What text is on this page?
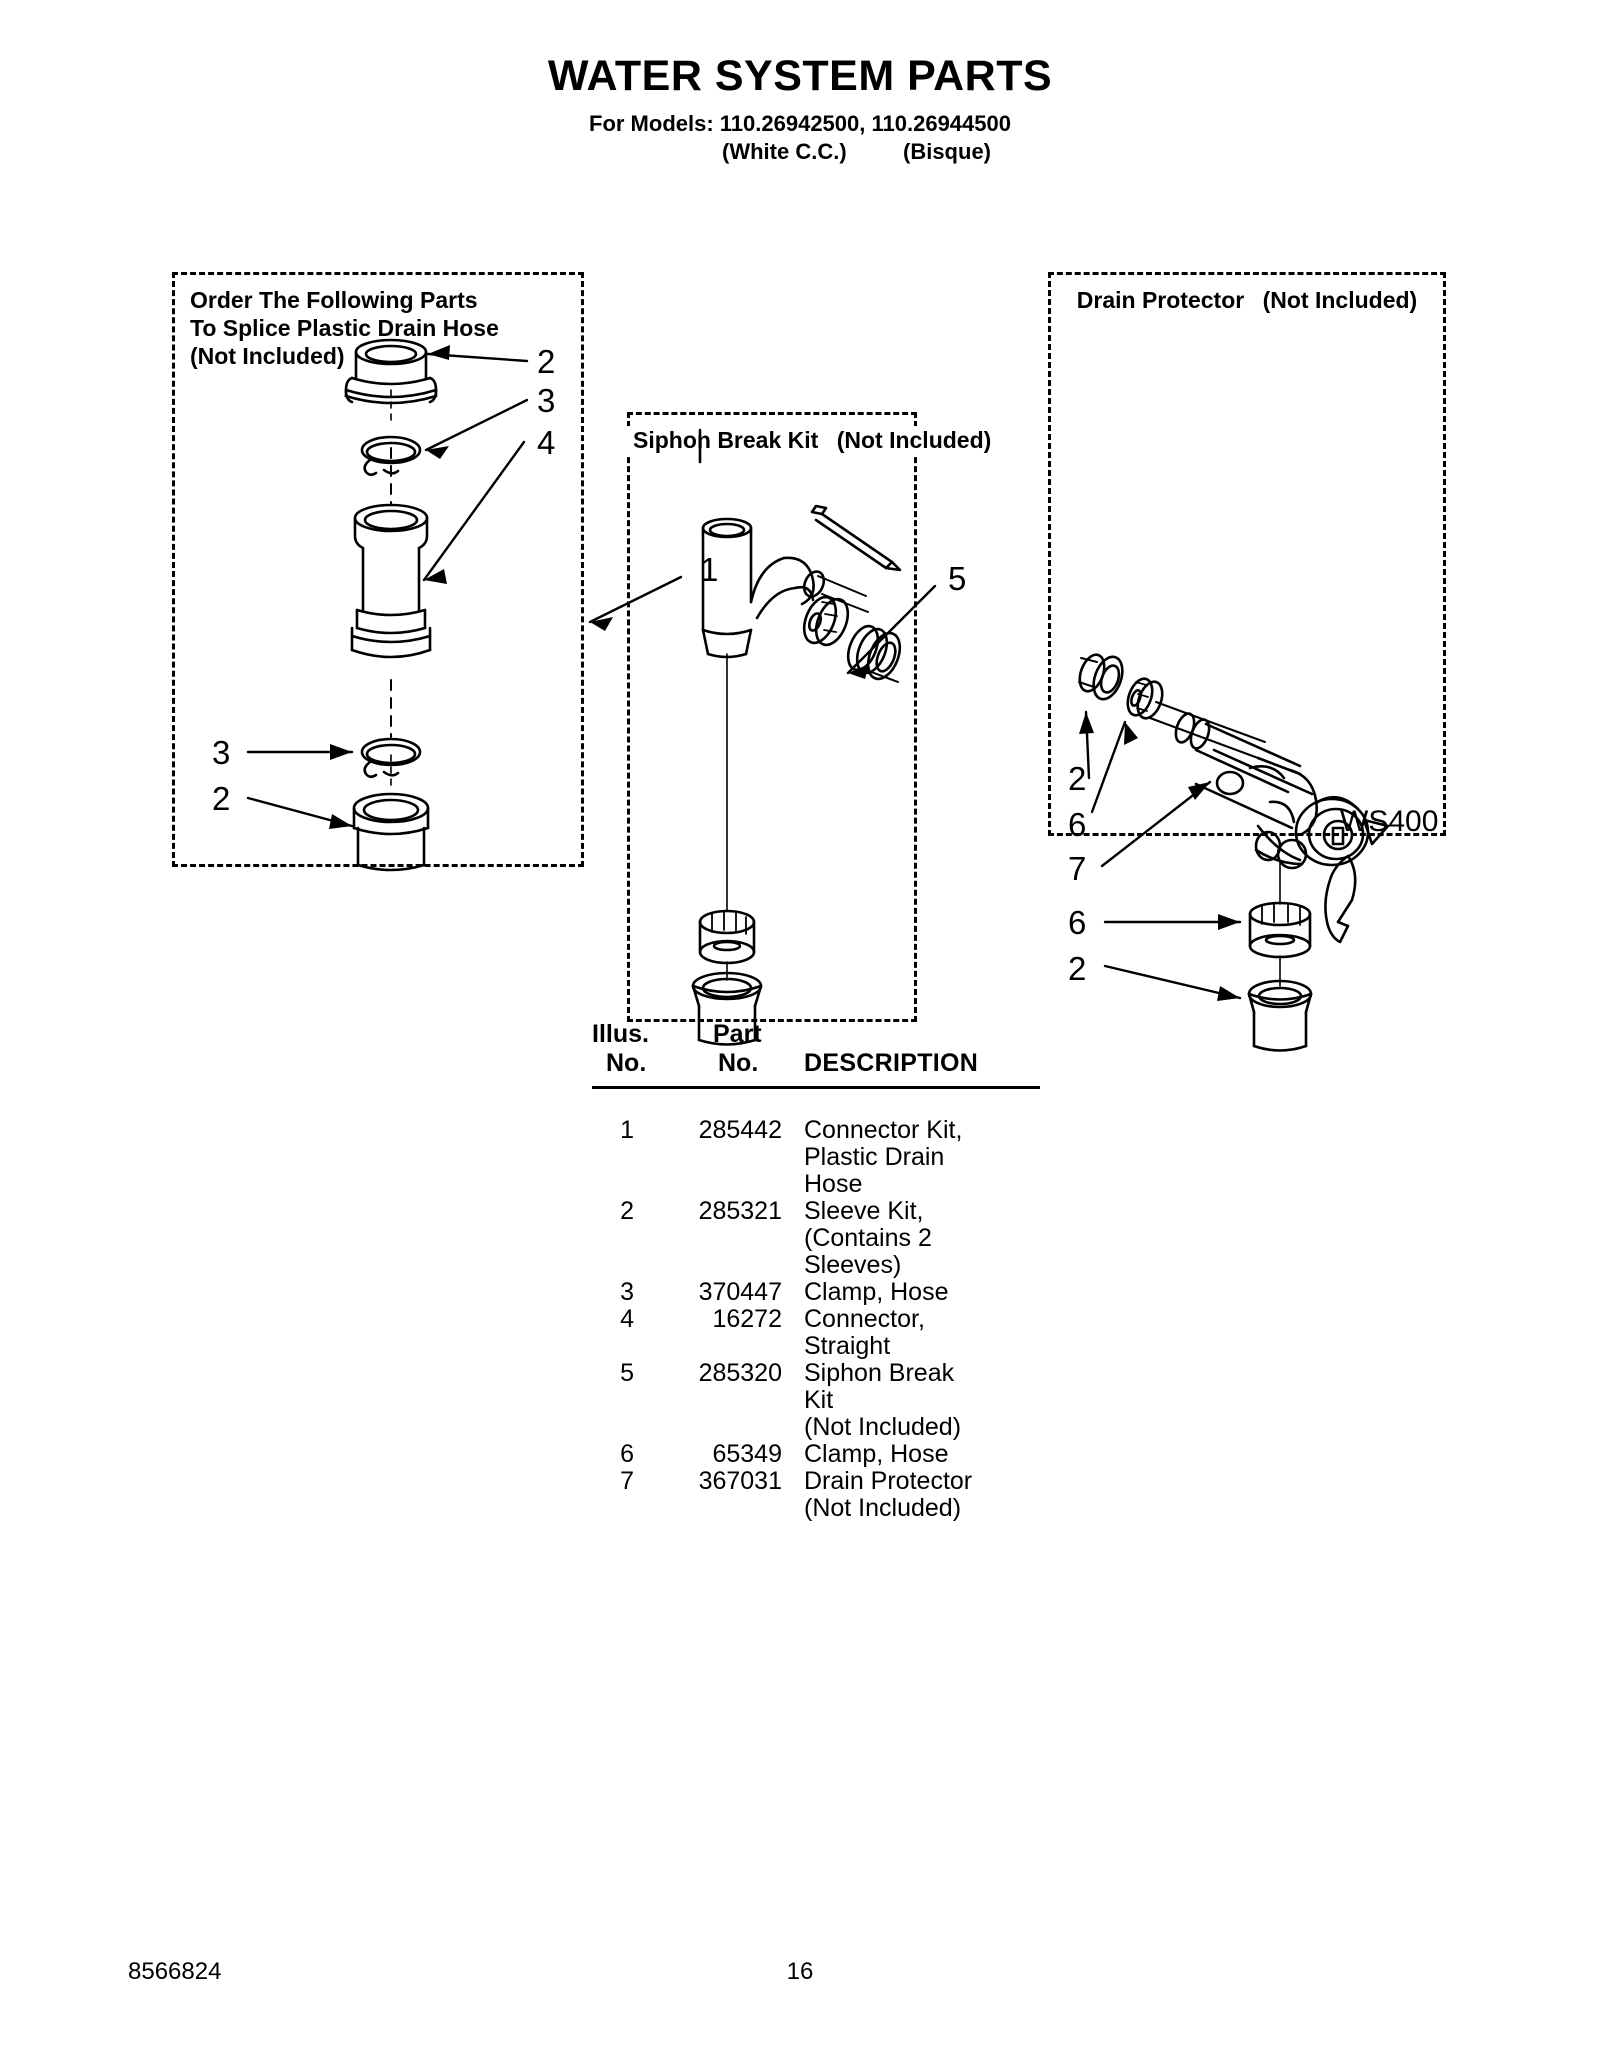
WATER SYSTEM PARTS
For Models: 110.26942500, 110.26944500
(White C.C.)	(Bisque)
Order The Following Parts
To Splice Plastic Drain Hose
(Not Included)
Siphon Break Kit (Not Included)
Drain Protector (Not Included)
1	5
2
3
4
3
2
2
6
7
6
2
WS400
Illus.
No.
Part
No. DESCRIPTION
1	285442 Connector Kit,
Plastic Drain
Hose
2	285321 Sleeve Kit,
(Contains 2
Sleeves)
3	370447 Clamp, Hose
4	16272 Connector,
Straight
5	285320 Siphon Break
Kit
(Not Included)
6	65349 Clamp, Hose
7	367031 Drain Protector
(Not Included)
8566824	16
